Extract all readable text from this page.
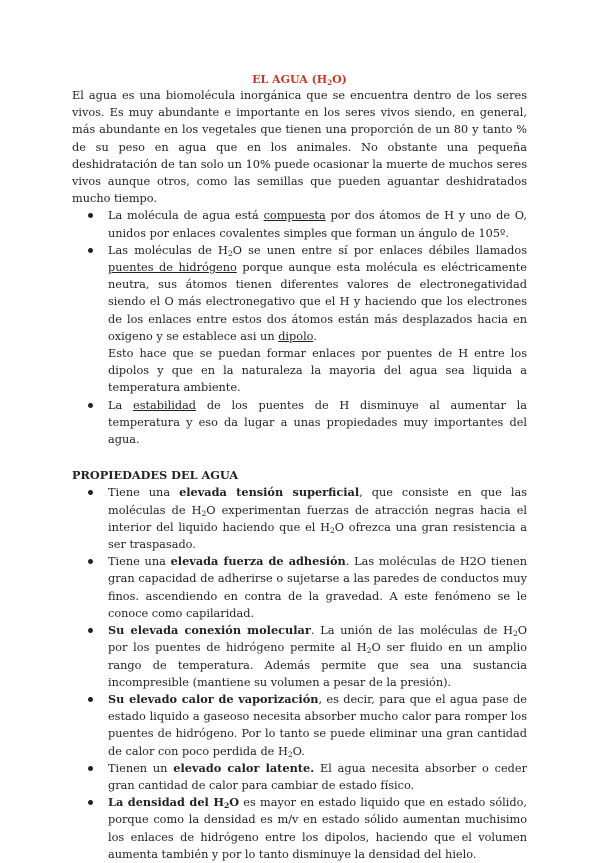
EL AGUA $(H_2O)$

El agua es una biomolécula inorgánica que se encuentra dentro de los seres vivos. Es muy abundante e importante en los seres vivos siendo, en general, más abundante en los vegetales que tienen una proporción de un 80 y tanto % de su peso en agua que en los animales. No obstante una pequeña deshidratación de tan solo un 10% puede ocasionar la muerte de muchos seres vivos aunque otros, como las semillas que pueden aguantar deshidratados mucho tiempo.

La molécula de agua está compuesta por dos átomos de H y uno de O, unidos por enlaces covalentes simples que forman un ángulo de 105º.
Las moléculas de $H_2O$ se unen entre sí por enlaces débiles llamados puentes de hidrógeno porque aunque esta molécula es eléctricamente neutra, sus átomos tienen diferentes valores de electronegatividad siendo el O más electronegativo que el H y haciendo que los electrones de los enlaces entre estos dos átomos están más desplazados hacia en oxigeno y se establece asi un dipolo.
Esto hace que se puedan formar enlaces por puentes de H entre los dipolos y que en la naturaleza la mayoria del agua sea liquida a temperatura ambiente.
La estabilidad de los puentes de H disminuye al aumentar la temperatura y eso da lugar a unas propiedades muy importantes del agua.

PROPIEDADES DEL AGUA

Tiene una elevada tensión superficial, que consiste en que las moléculas de $H_2O$ experimentan fuerzas de atracción negras hacia el interior del liquido haciendo que el $H_2O$ ofrezca una gran resistencia a ser traspasado.
Tiene una elevada fuerza de adhesión. Las moléculas de H2O tienen gran capacidad de adherirse o sujetarse a las paredes de conductos muy finos. ascendiendo en contra de la gravedad. A este fenómeno se le conoce como capilaridad.
Su elevada conexión molecular. La unión de las moléculas de $H_2O$ por los puentes de hidrógeno permite al $H_2O$ ser fluido en un amplio rango de temperatura. Además permite que sea una sustancia incompresible (mantiene su volumen a pesar de la presión).
Su elevado calor de vaporización, es decir, para que el agua pase de estado liquido a gaseoso necesita absorber mucho calor para romper los puentes de hidrógeno. Por lo tanto se puede eliminar una gran cantidad de calor con poco perdida de $H_2O$.
Tienen un elevado calor latente. El agua necesita absorber o ceder gran cantidad de calor para cambiar de estado físico.
La densidad del $H_2O$ es mayor en estado liquido que en estado sólido, porque como la densidad es m/v en estado sólido aumentan muchisimo los enlaces de hidrógeno entre los dipolos, haciendo que el volumen aumenta también y por lo tanto disminuye la densidad del hielo.
